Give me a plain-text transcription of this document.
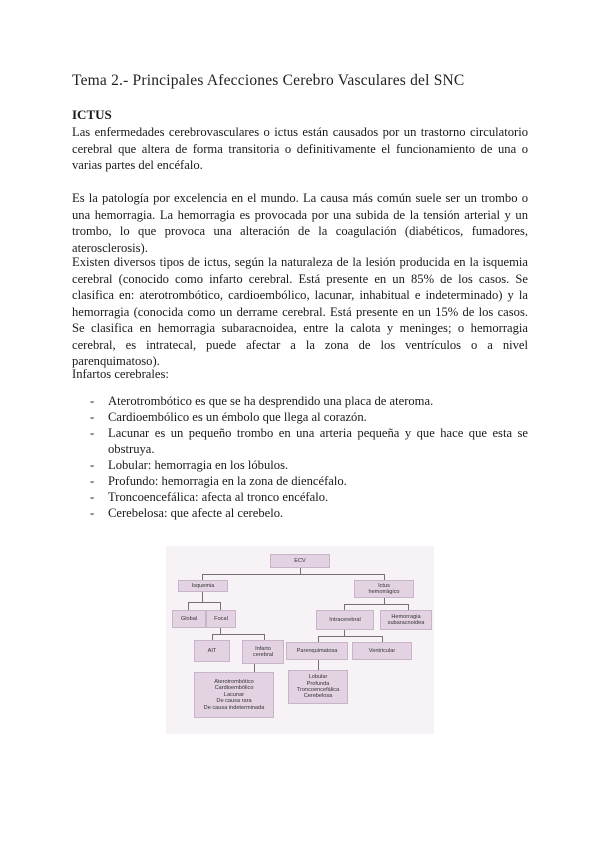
Tema 2.- Principales Afecciones Cerebro Vasculares del SNC
ICTUS

Las enfermedades cerebrovasculares o ictus están causados por un trastorno circulatorio cerebral que altera de forma transitoria o definitivamente el funcionamiento de una o varias partes del encéfalo.

Es la patología por excelencia en el mundo. La causa más común suele ser un trombo o una hemorragia. La hemorragia es provocada por una subida de la tensión arterial y un trombo, lo que provoca una alteración de la coagulación (diabéticos, fumadores, aterosclerosis).

Existen diversos tipos de ictus, según la naturaleza de la lesión producida en la isquemia cerebral (conocido como infarto cerebral. Está presente en un 85% de los casos. Se clasifica en: aterotrombótico, cardioembólico, lacunar, inhabitual e indeterminado) y la hemorragia (conocida como un derrame cerebral. Está presente en un 15% de los casos. Se clasifica en hemorragia subaracnoidea, entre la calota y meninges; o hemorragia cerebral, es intratecal, puede afectar a la zona de los ventrículos o a nivel parenquimatoso).

Infartos cerebrales:

- Aterotrombótico es que se ha desprendido una placa de ateroma.
- Cardioembólico es un émbolo que llega al corazón.
- Lacunar es un pequeño trombo en una arteria pequeña y que hace que esta se obstruya.
- Lobular: hemorragia en los lóbulos.
- Profundo: hemorragia en la zona de diencéfalo.
- Troncoencefálica: afecta al tronco encéfalo.
- Cerebelosa: que afecte al cerebelo.
ECV
Isquemia	Ictus
hemorrágico
Global	Focal	Intracerebral
Hemorragia
subaracnoidea
AIT	Infarto
cerebral
Parenquimatosa	Ventricular
Aterotrombótico
Cardioembólico
Lacunar
De causa rara
De causa indeterminada
Lobular
Profunda
Troncoencefálica
Cerebelosa
